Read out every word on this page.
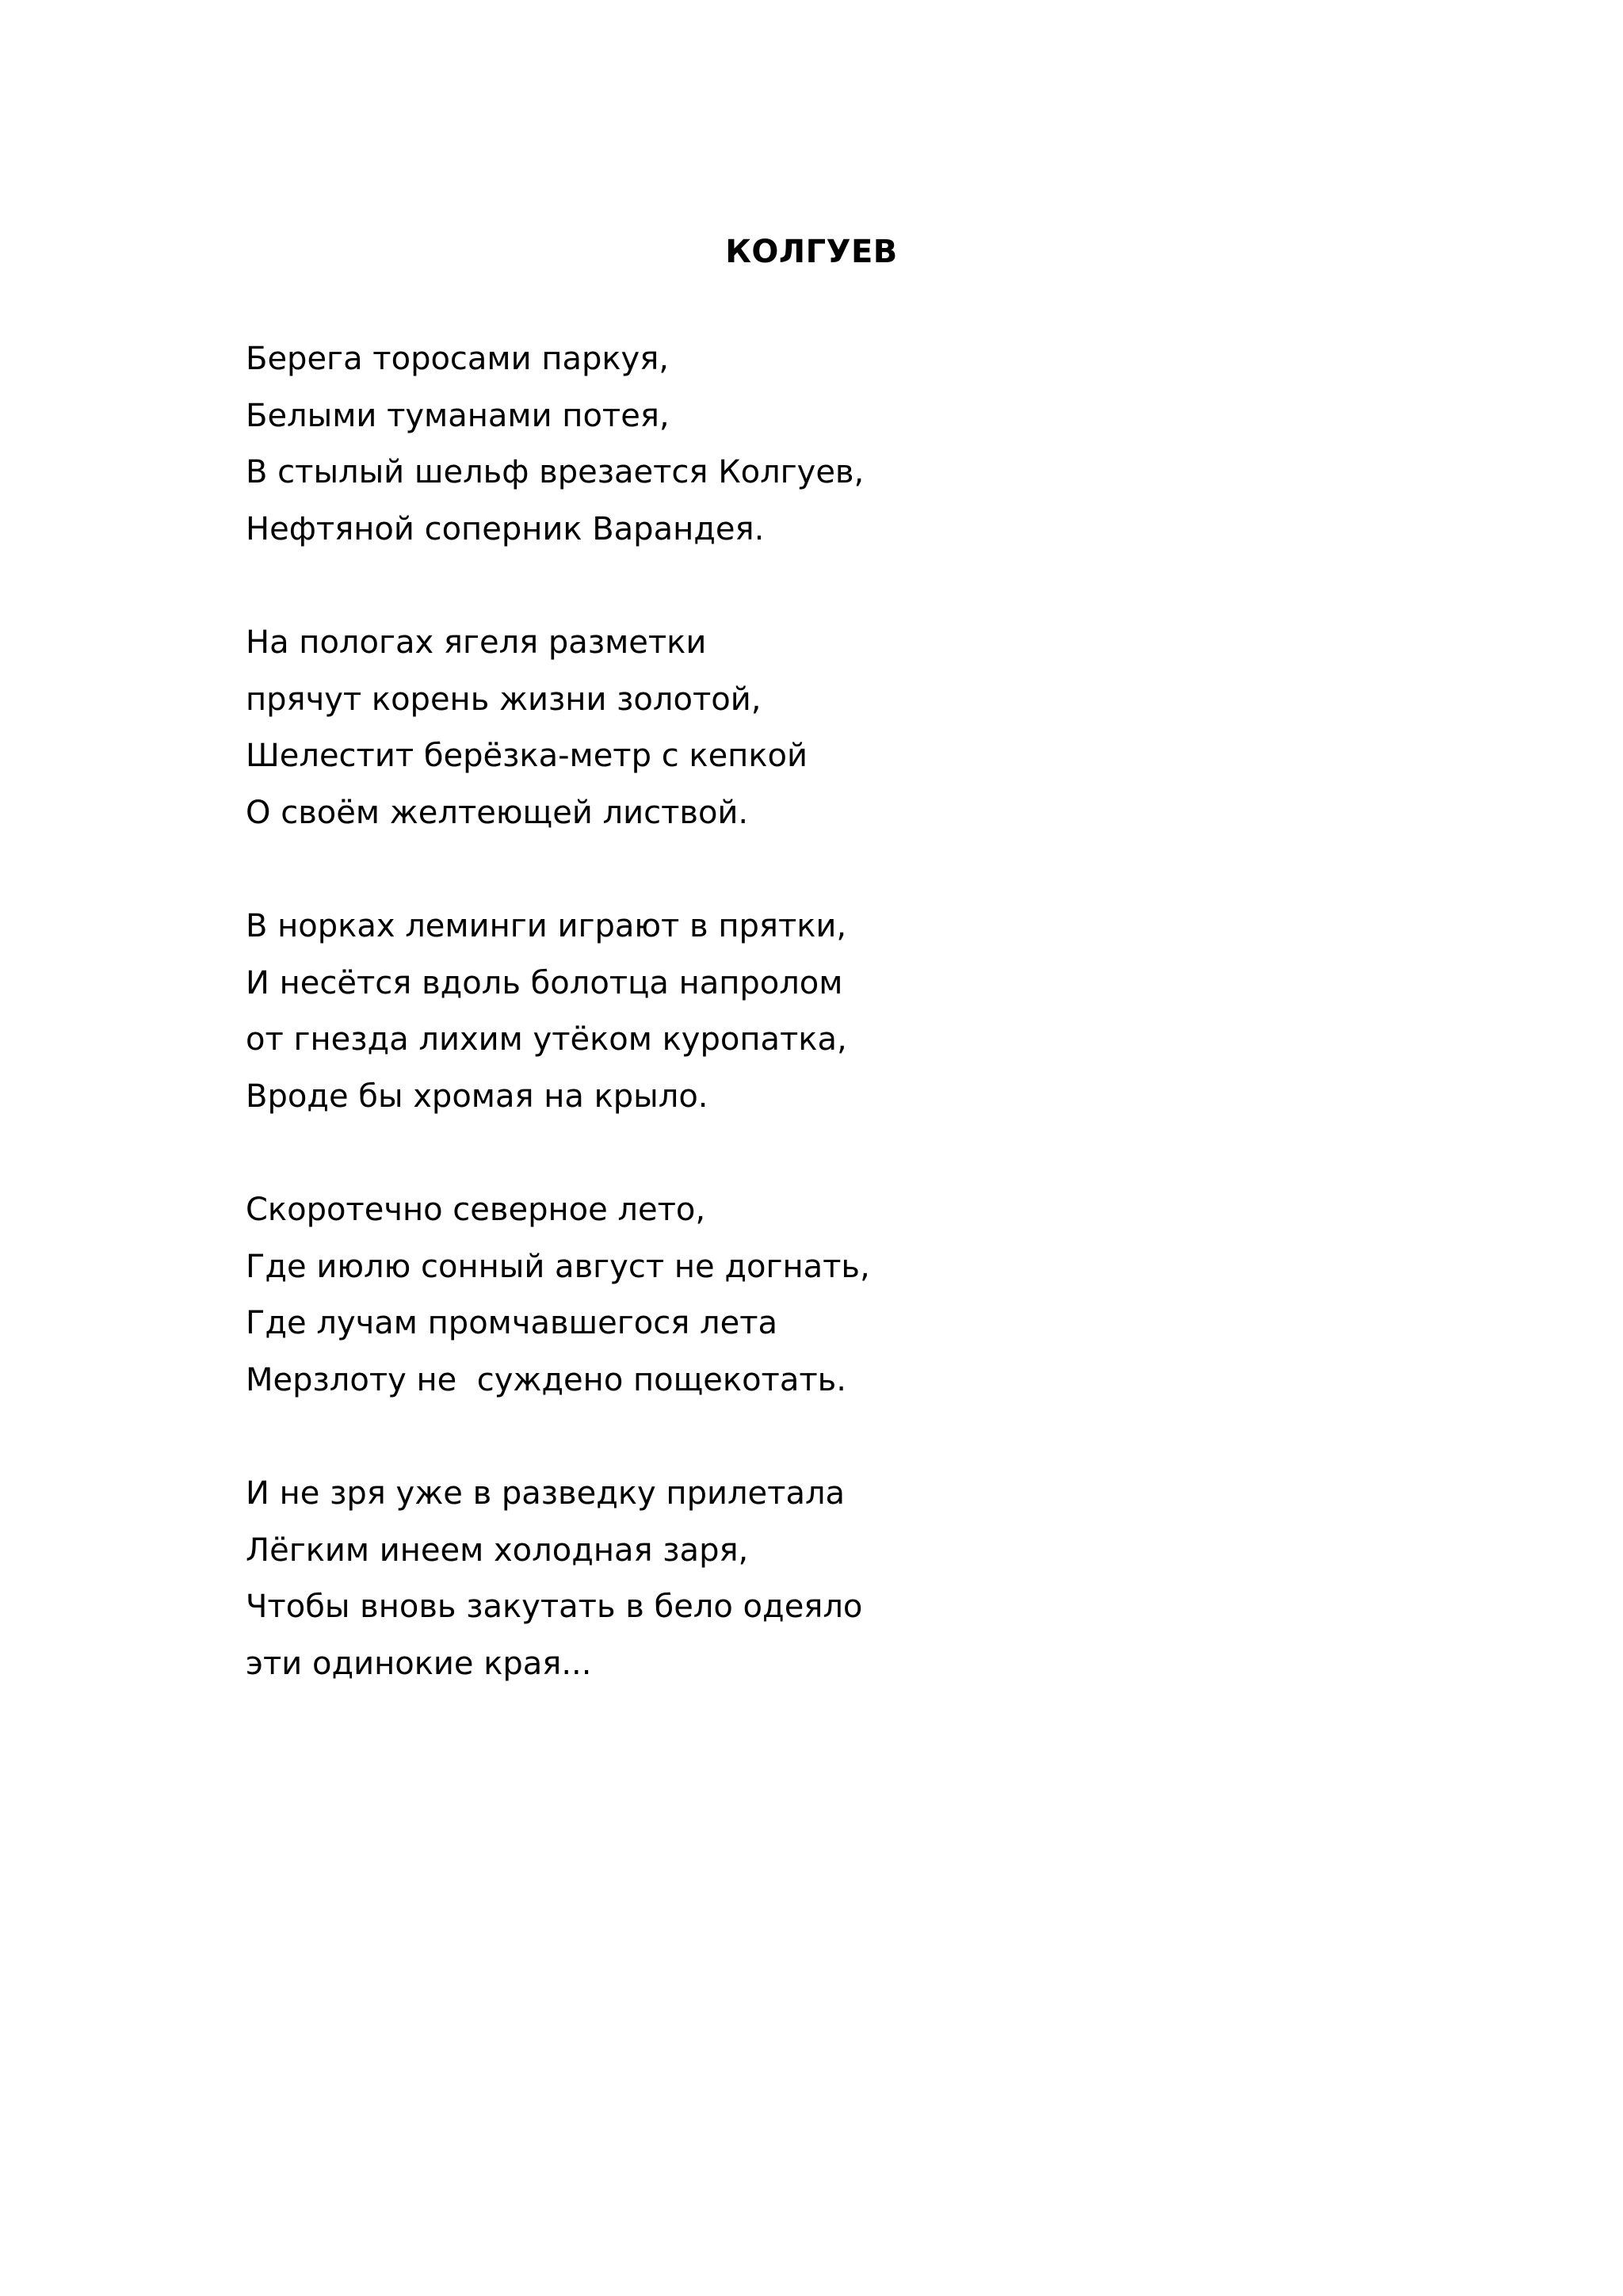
КОЛГУЕВ
Берега торосами паркуя,
Белыми туманами потея,
В стылый шельф врезается Колгуев,
Нефтяной соперник Варандея.
На пологах ягеля разметки
прячут корень жизни золотой,
Шелестит берёзка-метр с кепкой
О своём желтеющей листвой.
В норках леминги играют в прятки,
И несётся вдоль болотца напролом
от гнезда лихим утёком куропатка,
Вроде бы хромая на крыло.
Скоротечно северное лето,
Где июлю сонный август не догнать,
Где лучам промчавшегося лета
Мерзлоту не  суждено пощекотать.
И не зря уже в разведку прилетала
Лёгким инеем холодная заря,
Чтобы вновь закутать в бело одеяло
эти одинокие края...
